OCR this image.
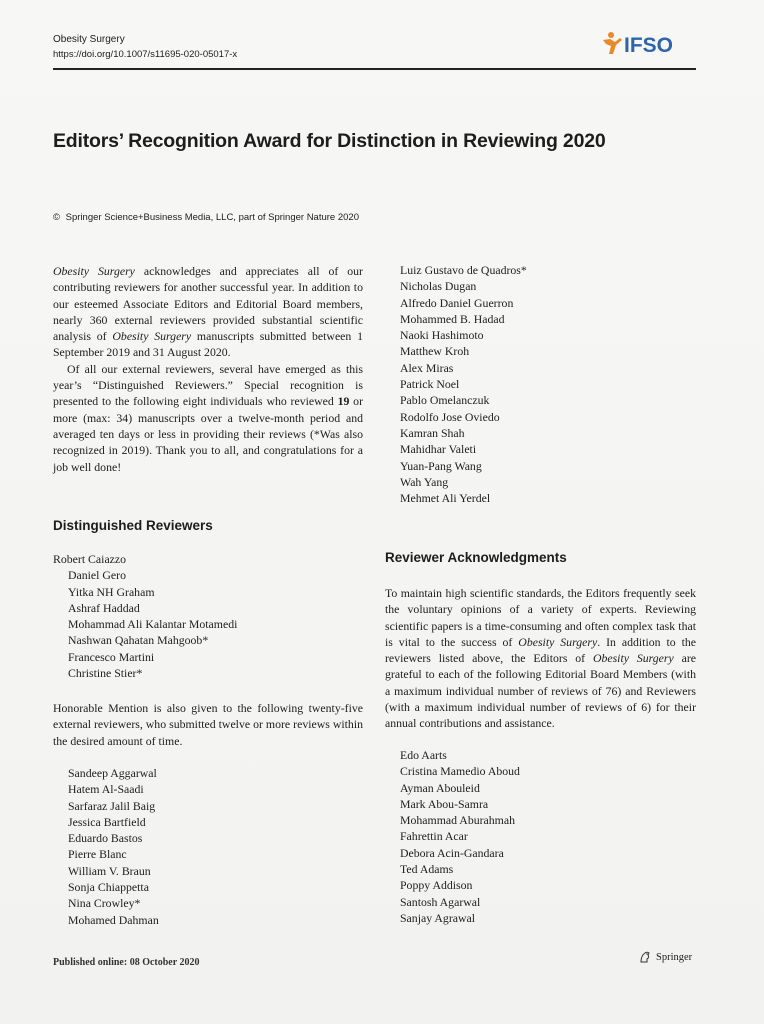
Obesity Surgery
https://doi.org/10.1007/s11695-020-05017-x	IFSO
Editors’ Recognition Award for Distinction in Reviewing 2020
© Springer Science+Business Media, LLC, part of Springer Nature 2020

Obesity Surgery acknowledges and appreciates all of our contributing reviewers for another successful year. In addition to our esteemed Associate Editors and Editorial Board members, nearly 360 external reviewers provided substantial scientific analysis of Obesity Surgery manuscripts submitted between 1 September 2019 and 31 August 2020.

Of all our external reviewers, several have emerged as this year’s “Distinguished Reviewers.” Special recognition is presented to the following eight individuals who reviewed 19 or more (max: 34) manuscripts over a twelve-month period and averaged ten days or less in providing their reviews (*Was also recognized in 2019). Thank you to all, and congratulations for a job well done!

Distinguished Reviewers
Robert Caiazzo
Daniel Gero
Yitka NH Graham
Ashraf Haddad
Mohammad Ali Kalantar Motamedi
Nashwan Qahatan Mahgoob*
Francesco Martini
Christine Stier*
Honorable Mention is also given to the following twenty-five external reviewers, who submitted twelve or more reviews within the desired amount of time.
Sandeep Aggarwal
Hatem Al-Saadi
Sarfaraz Jalil Baig
Jessica Bartfield
Eduardo Bastos
Pierre Blanc
William V. Braun
Sonja Chiappetta
Nina Crowley*
Mohamed Dahman
Luiz Gustavo de Quadros*
Nicholas Dugan
Alfredo Daniel Guerron
Mohammed B. Hadad
Naoki Hashimoto
Matthew Kroh
Alex Miras
Patrick Noel
Pablo Omelanczuk
Rodolfo Jose Oviedo
Kamran Shah
Mahidhar Valeti
Yuan-Pang Wang
Wah Yang
Mehmet Ali Yerdel
Reviewer Acknowledgments

To maintain high scientific standards, the Editors frequently seek the voluntary opinions of a variety of experts. Reviewing scientific papers is a time-consuming and often complex task that is vital to the success of Obesity Surgery. In addition to the reviewers listed above, the Editors of Obesity Surgery are grateful to each of the following Editorial Board Members (with a maximum individual number of reviews of 76) and Reviewers (with a maximum individual number of reviews of 6) for their annual contributions and assistance.

Edo Aarts
Cristina Mamedio Aboud
Ayman Abouleid
Mark Abou-Samra
Mohammad Aburahmah
Fahrettin Acar
Debora Acin-Gandara
Ted Adams
Poppy Addison
Santosh Agarwal
Sanjay Agrawal
Published online: 08 October 2020	Springer
